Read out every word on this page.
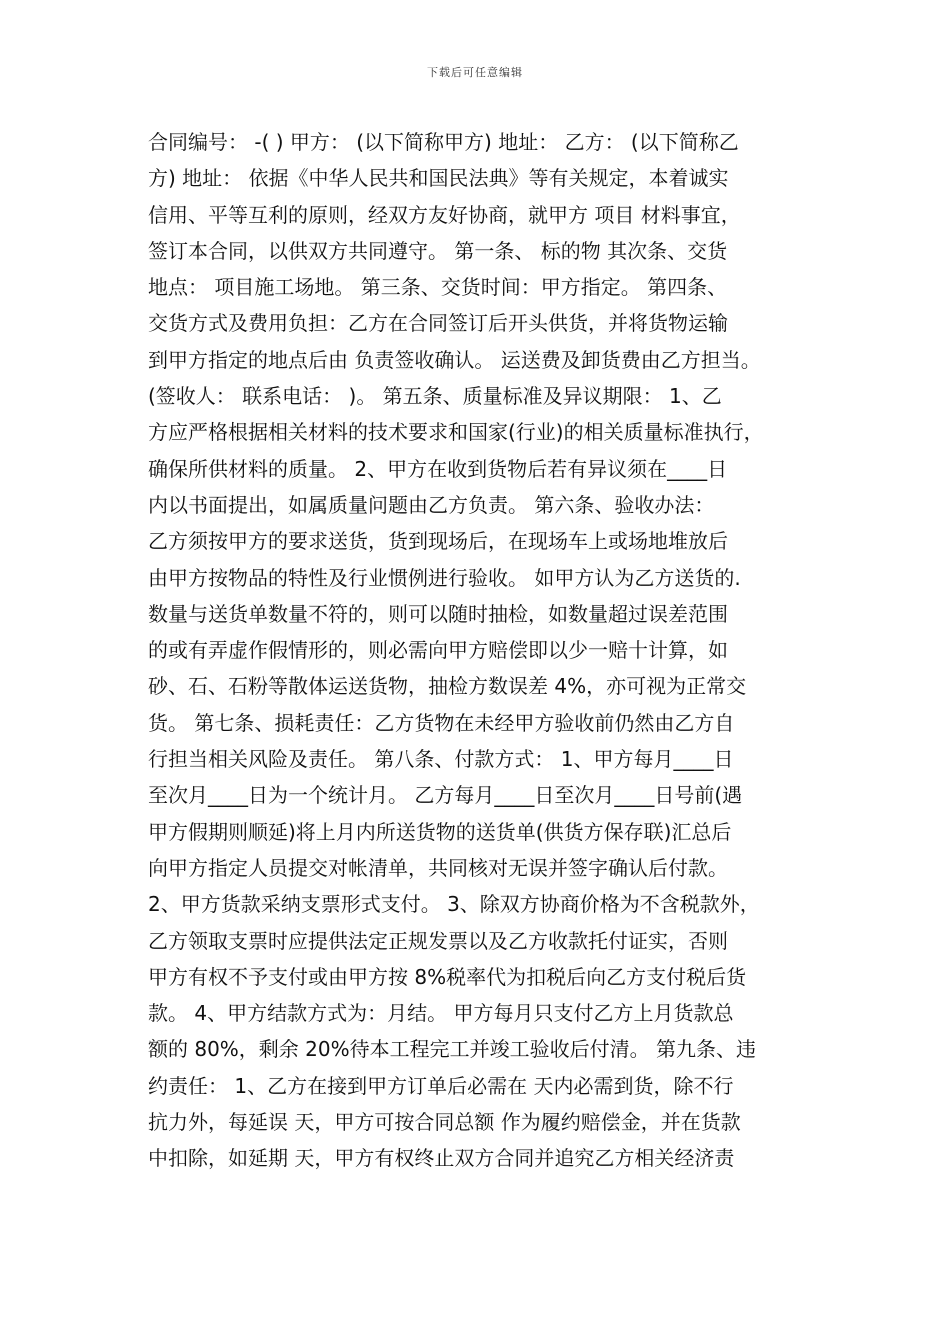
下载后可任意编辑
合同编号： -( ) 甲方： (以下简称甲方) 地址： 乙方： (以下简称乙
方) 地址： 依据《中华人民共和国民法典》等有关规定，本着诚实
信用、平等互利的原则，经双方友好协商，就甲方 项目 材料事宜，
签订本合同，以供双方共同遵守。 第一条、 标的物 其次条、交货
地点： 项目施工场地。 第三条、交货时间：甲方指定。 第四条、
交货方式及费用负担：乙方在合同签订后开头供货，并将货物运输
到甲方指定的地点后由 负责签收确认。 运送费及卸货费由乙方担当。
(签收人： 联系电话： )。 第五条、质量标准及异议期限： 1、乙
方应严格根据相关材料的技术要求和国家(行业)的相关质量标准执行，
确保所供材料的质量。 2、甲方在收到货物后若有异议须在____日
内以书面提出，如属质量问题由乙方负责。 第六条、验收办法：
乙方须按甲方的要求送货，货到现场后，在现场车上或场地堆放后
由甲方按物品的特性及行业惯例进行验收。 如甲方认为乙方送货的.
数量与送货单数量不符的，则可以随时抽检，如数量超过误差范围
的或有弄虚作假情形的，则必需向甲方赔偿即以少一赔十计算，如
砂、石、石粉等散体运送货物，抽检方数误差 4%，亦可视为正常交
货。 第七条、损耗责任：乙方货物在未经甲方验收前仍然由乙方自
行担当相关风险及责任。 第八条、付款方式： 1、甲方每月____日
至次月____日为一个统计月。 乙方每月____日至次月____日号前(遇
甲方假期则顺延)将上月内所送货物的送货单(供货方保存联)汇总后
向甲方指定人员提交对帐清单，共同核对无误并签字确认后付款。
2、甲方货款采纳支票形式支付。 3、除双方协商价格为不含税款外，
乙方领取支票时应提供法定正规发票以及乙方收款托付证实，否则
甲方有权不予支付或由甲方按 8%税率代为扣税后向乙方支付税后货
款。 4、甲方结款方式为：月结。 甲方每月只支付乙方上月货款总
额的 80%，剩余 20%待本工程完工并竣工验收后付清。 第九条、违
约责任： 1、乙方在接到甲方订单后必需在 天内必需到货，除不行
抗力外，每延误 天，甲方可按合同总额 作为履约赔偿金，并在货款
中扣除，如延期 天，甲方有权终止双方合同并追究乙方相关经济责
